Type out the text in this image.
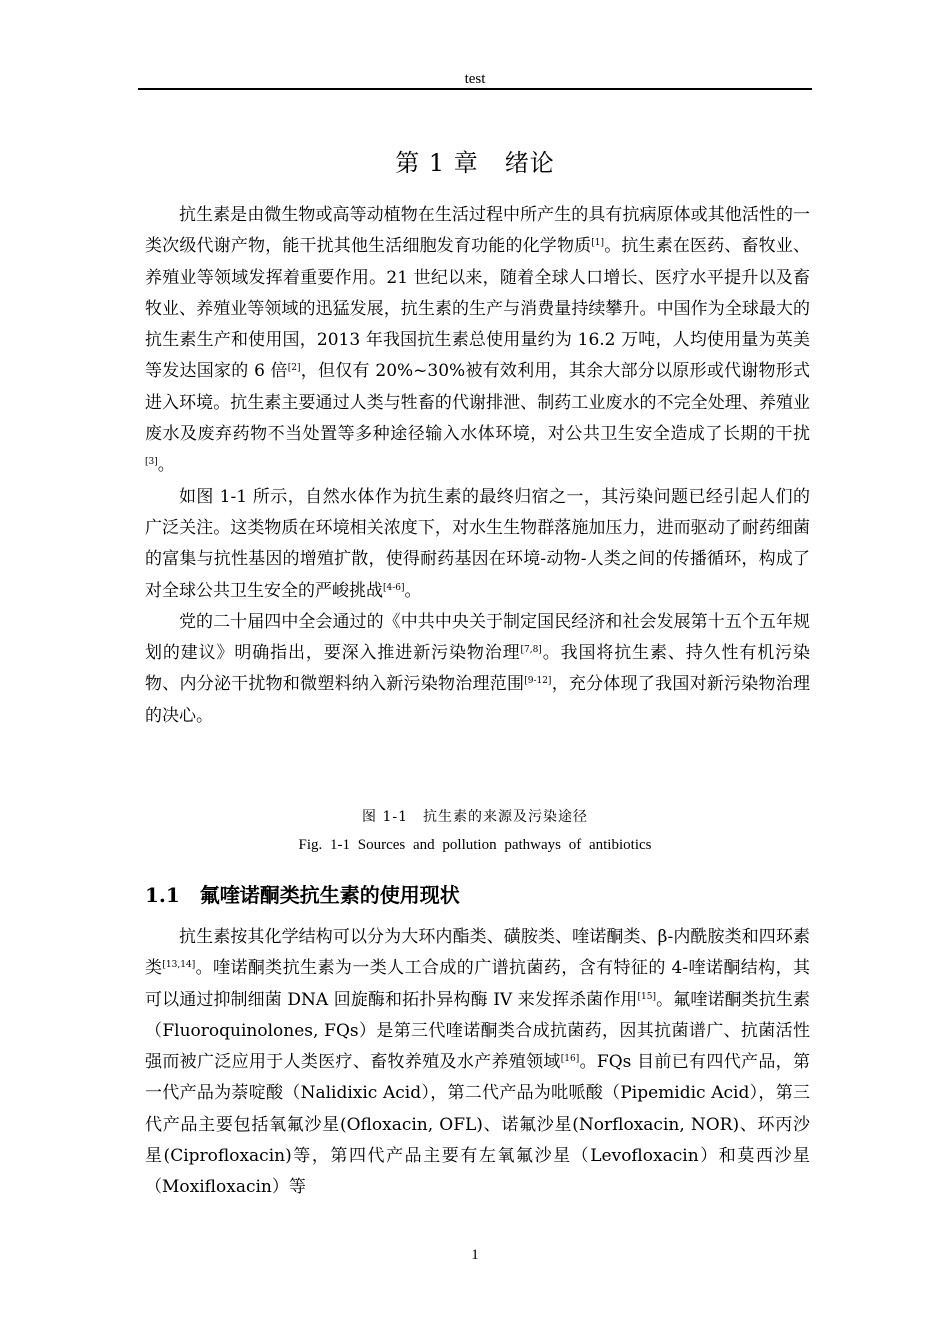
test
第 1 章 绪论

抗生素是由微生物或高等动植物在生活过程中所产生的具有抗病原体或其他活性的一类次级代谢产物，能干扰其他生活细胞发育功能的化学物质[1]。抗生素在医药、畜牧业、养殖业等领域发挥着重要作用。21 世纪以来，随着全球人口增长、医疗水平提升以及畜牧业、养殖业等领域的迅猛发展，抗生素的生产与消费量持续攀升。中国作为全球最大的抗生素生产和使用国，2013 年我国抗生素总使用量约为 16.2 万吨，人均使用量为英美等发达国家的 6 倍[2]，但仅有 20%~30%被有效利用，其余大部分以原形或代谢物形式进入环境。抗生素主要通过人类与牲畜的代谢排泄、制药工业废水的不完全处理、养殖业废水及废弃药物不当处置等多种途径输入水体环境，对公共卫生安全造成了长期的干扰[3]。

如图 1-1 所示，自然水体作为抗生素的最终归宿之一，其污染问题已经引起人们的广泛关注。这类物质在环境相关浓度下，对水生生物群落施加压力，进而驱动了耐药细菌的富集与抗性基因的增殖扩散，使得耐药基因在环境-动物-人类之间的传播循环，构成了对全球公共卫生安全的严峻挑战[4-6]。

党的二十届四中全会通过的《中共中央关于制定国民经济和社会发展第十五个五年规划的建议》明确指出，要深入推进新污染物治理[7,8]。我国将抗生素、持久性有机污染物、内分泌干扰物和微塑料纳入新污染物治理范围[9-12]，充分体现了我国对新污染物治理的决心。

图 1-1　抗生素的来源及污染途径
Fig. 1-1 Sources and pollution pathways of antibiotics
1.1 氟喹诺酮类抗生素的使用现状

抗生素按其化学结构可以分为大环内酯类、磺胺类、喹诺酮类、β-内酰胺类和四环素类[13,14]。喹诺酮类抗生素为一类人工合成的广谱抗菌药，含有特征的 4-喹诺酮结构，其可以通过抑制细菌 DNA 回旋酶和拓扑异构酶 IV 来发挥杀菌作用[15]。氟喹诺酮类抗生素（Fluoroquinolones, FQs）是第三代喹诺酮类合成抗菌药，因其抗菌谱广、抗菌活性强而被广泛应用于人类医疗、畜牧养殖及水产养殖领域[16]。FQs 目前已有四代产品，第一代产品为萘啶酸（Nalidixic Acid），第二代产品为吡哌酸（Pipemidic Acid），第三代产品主要包括氧氟沙星(Ofloxacin, OFL)、诺氟沙星(Norfloxacin, NOR)、环丙沙星(Ciprofloxacin)等，第四代产品主要有左氧氟沙星（Levofloxacin）和莫西沙星（Moxifloxacin）等

1
